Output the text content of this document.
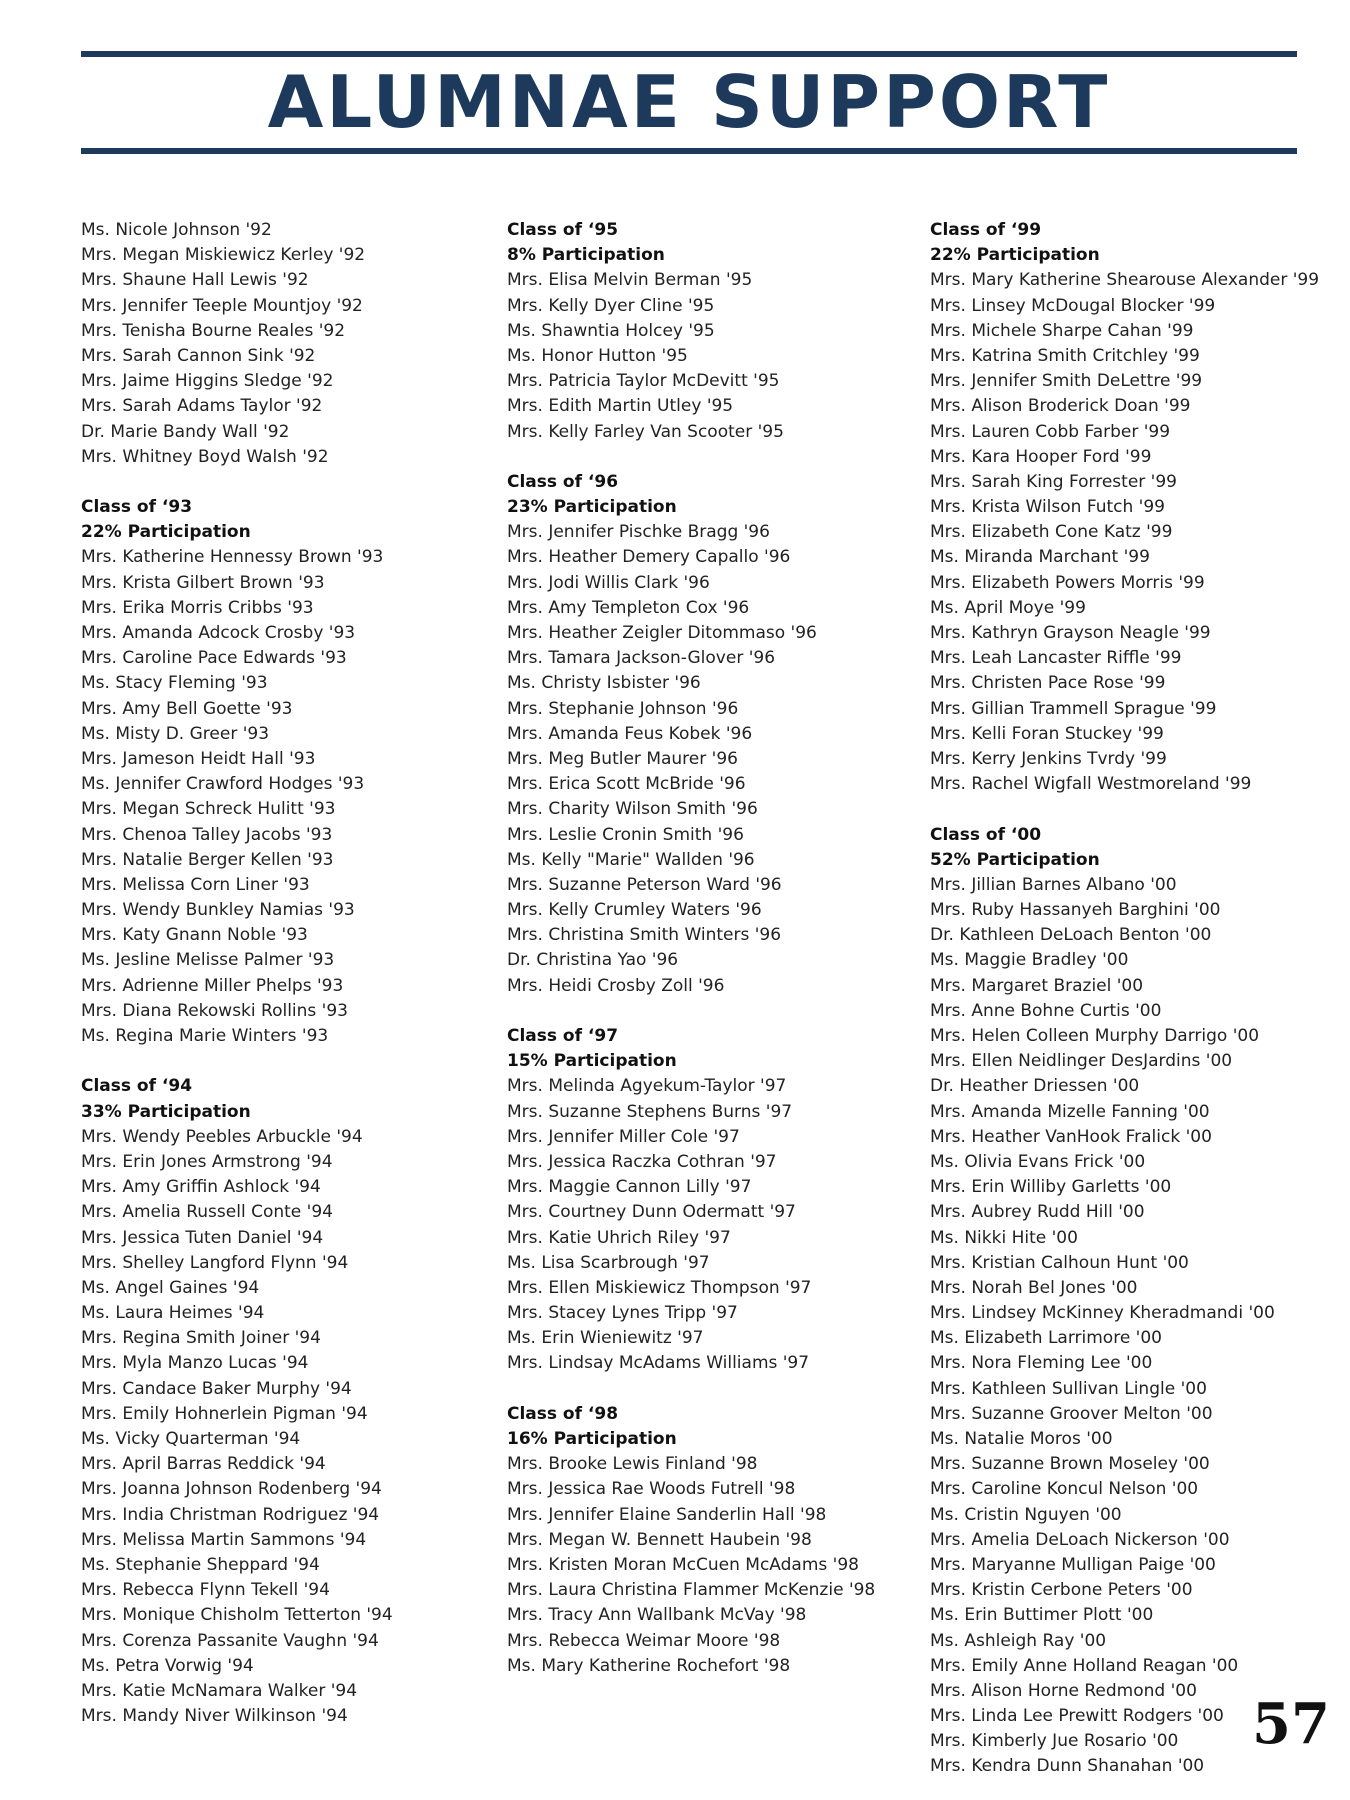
ALUMNAE SUPPORT
Ms. Nicole Johnson '92
Mrs. Megan Miskiewicz Kerley '92
Mrs. Shaune Hall Lewis '92
Mrs. Jennifer Teeple Mountjoy '92
Mrs. Tenisha Bourne Reales '92
Mrs. Sarah Cannon Sink '92
Mrs. Jaime Higgins Sledge '92
Mrs. Sarah Adams Taylor '92
Dr. Marie Bandy Wall '92
Mrs. Whitney Boyd Walsh '92
Class of ‘93
22% Participation
Mrs. Katherine Hennessy Brown '93
Mrs. Krista Gilbert Brown '93
Mrs. Erika Morris Cribbs '93
Mrs. Amanda Adcock Crosby '93
Mrs. Caroline Pace Edwards '93
Ms. Stacy Fleming '93
Mrs. Amy Bell Goette '93
Ms. Misty D. Greer '93
Mrs. Jameson Heidt Hall '93
Ms. Jennifer Crawford Hodges '93
Mrs. Megan Schreck Hulitt '93
Mrs. Chenoa Talley Jacobs '93
Mrs. Natalie Berger Kellen '93
Mrs. Melissa Corn Liner '93
Mrs. Wendy Bunkley Namias '93
Mrs. Katy Gnann Noble '93
Ms. Jesline Melisse Palmer '93
Mrs. Adrienne Miller Phelps '93
Mrs. Diana Rekowski Rollins '93
Ms. Regina Marie Winters '93
Class of ‘94
33% Participation
Mrs. Wendy Peebles Arbuckle '94
Mrs. Erin Jones Armstrong '94
Mrs. Amy Griffin Ashlock '94
Mrs. Amelia Russell Conte '94
Mrs. Jessica Tuten Daniel '94
Mrs. Shelley Langford Flynn '94
Ms. Angel Gaines '94
Ms. Laura Heimes '94
Mrs. Regina Smith Joiner '94
Mrs. Myla Manzo Lucas '94
Mrs. Candace Baker Murphy '94
Mrs. Emily Hohnerlein Pigman '94
Ms. Vicky Quarterman '94
Mrs. April Barras Reddick '94
Mrs. Joanna Johnson Rodenberg '94
Mrs. India Christman Rodriguez '94
Mrs. Melissa Martin Sammons '94
Ms. Stephanie Sheppard '94
Mrs. Rebecca Flynn Tekell '94
Mrs. Monique Chisholm Tetterton '94
Mrs. Corenza Passanite Vaughn '94
Ms. Petra Vorwig '94
Mrs. Katie McNamara Walker '94
Mrs. Mandy Niver Wilkinson '94
Class of ‘95
8% Participation
Mrs. Elisa Melvin Berman '95
Mrs. Kelly Dyer Cline '95
Ms. Shawntia Holcey '95
Ms. Honor Hutton '95
Mrs. Patricia Taylor McDevitt '95
Mrs. Edith Martin Utley '95
Mrs. Kelly Farley Van Scooter '95
Class of ‘96
23% Participation
Mrs. Jennifer Pischke Bragg '96
Mrs. Heather Demery Capallo '96
Mrs. Jodi Willis Clark '96
Mrs. Amy Templeton Cox '96
Mrs. Heather Zeigler Ditommaso '96
Mrs. Tamara Jackson-Glover '96
Ms. Christy Isbister '96
Mrs. Stephanie Johnson '96
Mrs. Amanda Feus Kobek '96
Mrs. Meg Butler Maurer '96
Mrs. Erica Scott McBride '96
Mrs. Charity Wilson Smith '96
Mrs. Leslie Cronin Smith '96
Ms. Kelly "Marie" Wallden '96
Mrs. Suzanne Peterson Ward '96
Mrs. Kelly Crumley Waters '96
Mrs. Christina Smith Winters '96
Dr. Christina Yao '96
Mrs. Heidi Crosby Zoll '96
Class of ‘97
15% Participation
Mrs. Melinda Agyekum-Taylor '97
Mrs. Suzanne Stephens Burns '97
Mrs. Jennifer Miller Cole '97
Mrs. Jessica Raczka Cothran '97
Mrs. Maggie Cannon Lilly '97
Mrs. Courtney Dunn Odermatt '97
Mrs. Katie Uhrich Riley '97
Ms. Lisa Scarbrough '97
Mrs. Ellen Miskiewicz Thompson '97
Mrs. Stacey Lynes Tripp '97
Ms. Erin Wieniewitz '97
Mrs. Lindsay McAdams Williams '97
Class of ‘98
16% Participation
Mrs. Brooke Lewis Finland '98
Mrs. Jessica Rae Woods Futrell '98
Mrs. Jennifer Elaine Sanderlin Hall '98
Mrs. Megan W. Bennett Haubein '98
Mrs. Kristen Moran McCuen McAdams '98
Mrs. Laura Christina Flammer McKenzie '98
Mrs. Tracy Ann Wallbank McVay '98
Mrs. Rebecca Weimar Moore '98
Ms. Mary Katherine Rochefort '98
Class of ‘99
22% Participation
Mrs. Mary Katherine Shearouse Alexander '99
Mrs. Linsey McDougal Blocker '99
Mrs. Michele Sharpe Cahan '99
Mrs. Katrina Smith Critchley '99
Mrs. Jennifer Smith DeLettre '99
Mrs. Alison Broderick Doan '99
Mrs. Lauren Cobb Farber '99
Mrs. Kara Hooper Ford '99
Mrs. Sarah King Forrester '99
Mrs. Krista Wilson Futch '99
Mrs. Elizabeth Cone Katz '99
Ms. Miranda Marchant '99
Mrs. Elizabeth Powers Morris '99
Ms. April Moye '99
Mrs. Kathryn Grayson Neagle '99
Mrs. Leah Lancaster Riffle '99
Mrs. Christen Pace Rose '99
Mrs. Gillian Trammell Sprague '99
Mrs. Kelli Foran Stuckey '99
Mrs. Kerry Jenkins Tvrdy '99
Mrs. Rachel Wigfall Westmoreland '99
Class of ‘00
52% Participation
Mrs. Jillian Barnes Albano '00
Mrs. Ruby Hassanyeh Barghini '00
Dr. Kathleen DeLoach Benton '00
Ms. Maggie Bradley '00
Mrs. Margaret Braziel '00
Mrs. Anne Bohne Curtis '00
Mrs. Helen Colleen Murphy Darrigo '00
Mrs. Ellen Neidlinger DesJardins '00
Dr. Heather Driessen '00
Mrs. Amanda Mizelle Fanning '00
Mrs. Heather VanHook Fralick '00
Ms. Olivia Evans Frick '00
Mrs. Erin Williby Garletts '00
Mrs. Aubrey Rudd Hill '00
Ms. Nikki Hite '00
Mrs. Kristian Calhoun Hunt '00
Mrs. Norah Bel Jones '00
Mrs. Lindsey McKinney Kheradmandi '00
Ms. Elizabeth Larrimore '00
Mrs. Nora Fleming Lee '00
Mrs. Kathleen Sullivan Lingle '00
Mrs. Suzanne Groover Melton '00
Ms. Natalie Moros '00
Mrs. Suzanne Brown Moseley '00
Mrs. Caroline Koncul Nelson '00
Ms. Cristin Nguyen '00
Mrs. Amelia DeLoach Nickerson '00
Mrs. Maryanne Mulligan Paige '00
Mrs. Kristin Cerbone Peters '00
Ms. Erin Buttimer Plott '00
Ms. Ashleigh Ray '00
Mrs. Emily Anne Holland Reagan '00
Mrs. Alison Horne Redmond '00
Mrs. Linda Lee Prewitt Rodgers '00
Mrs. Kimberly Jue Rosario '00
Mrs. Kendra Dunn Shanahan '00
57
